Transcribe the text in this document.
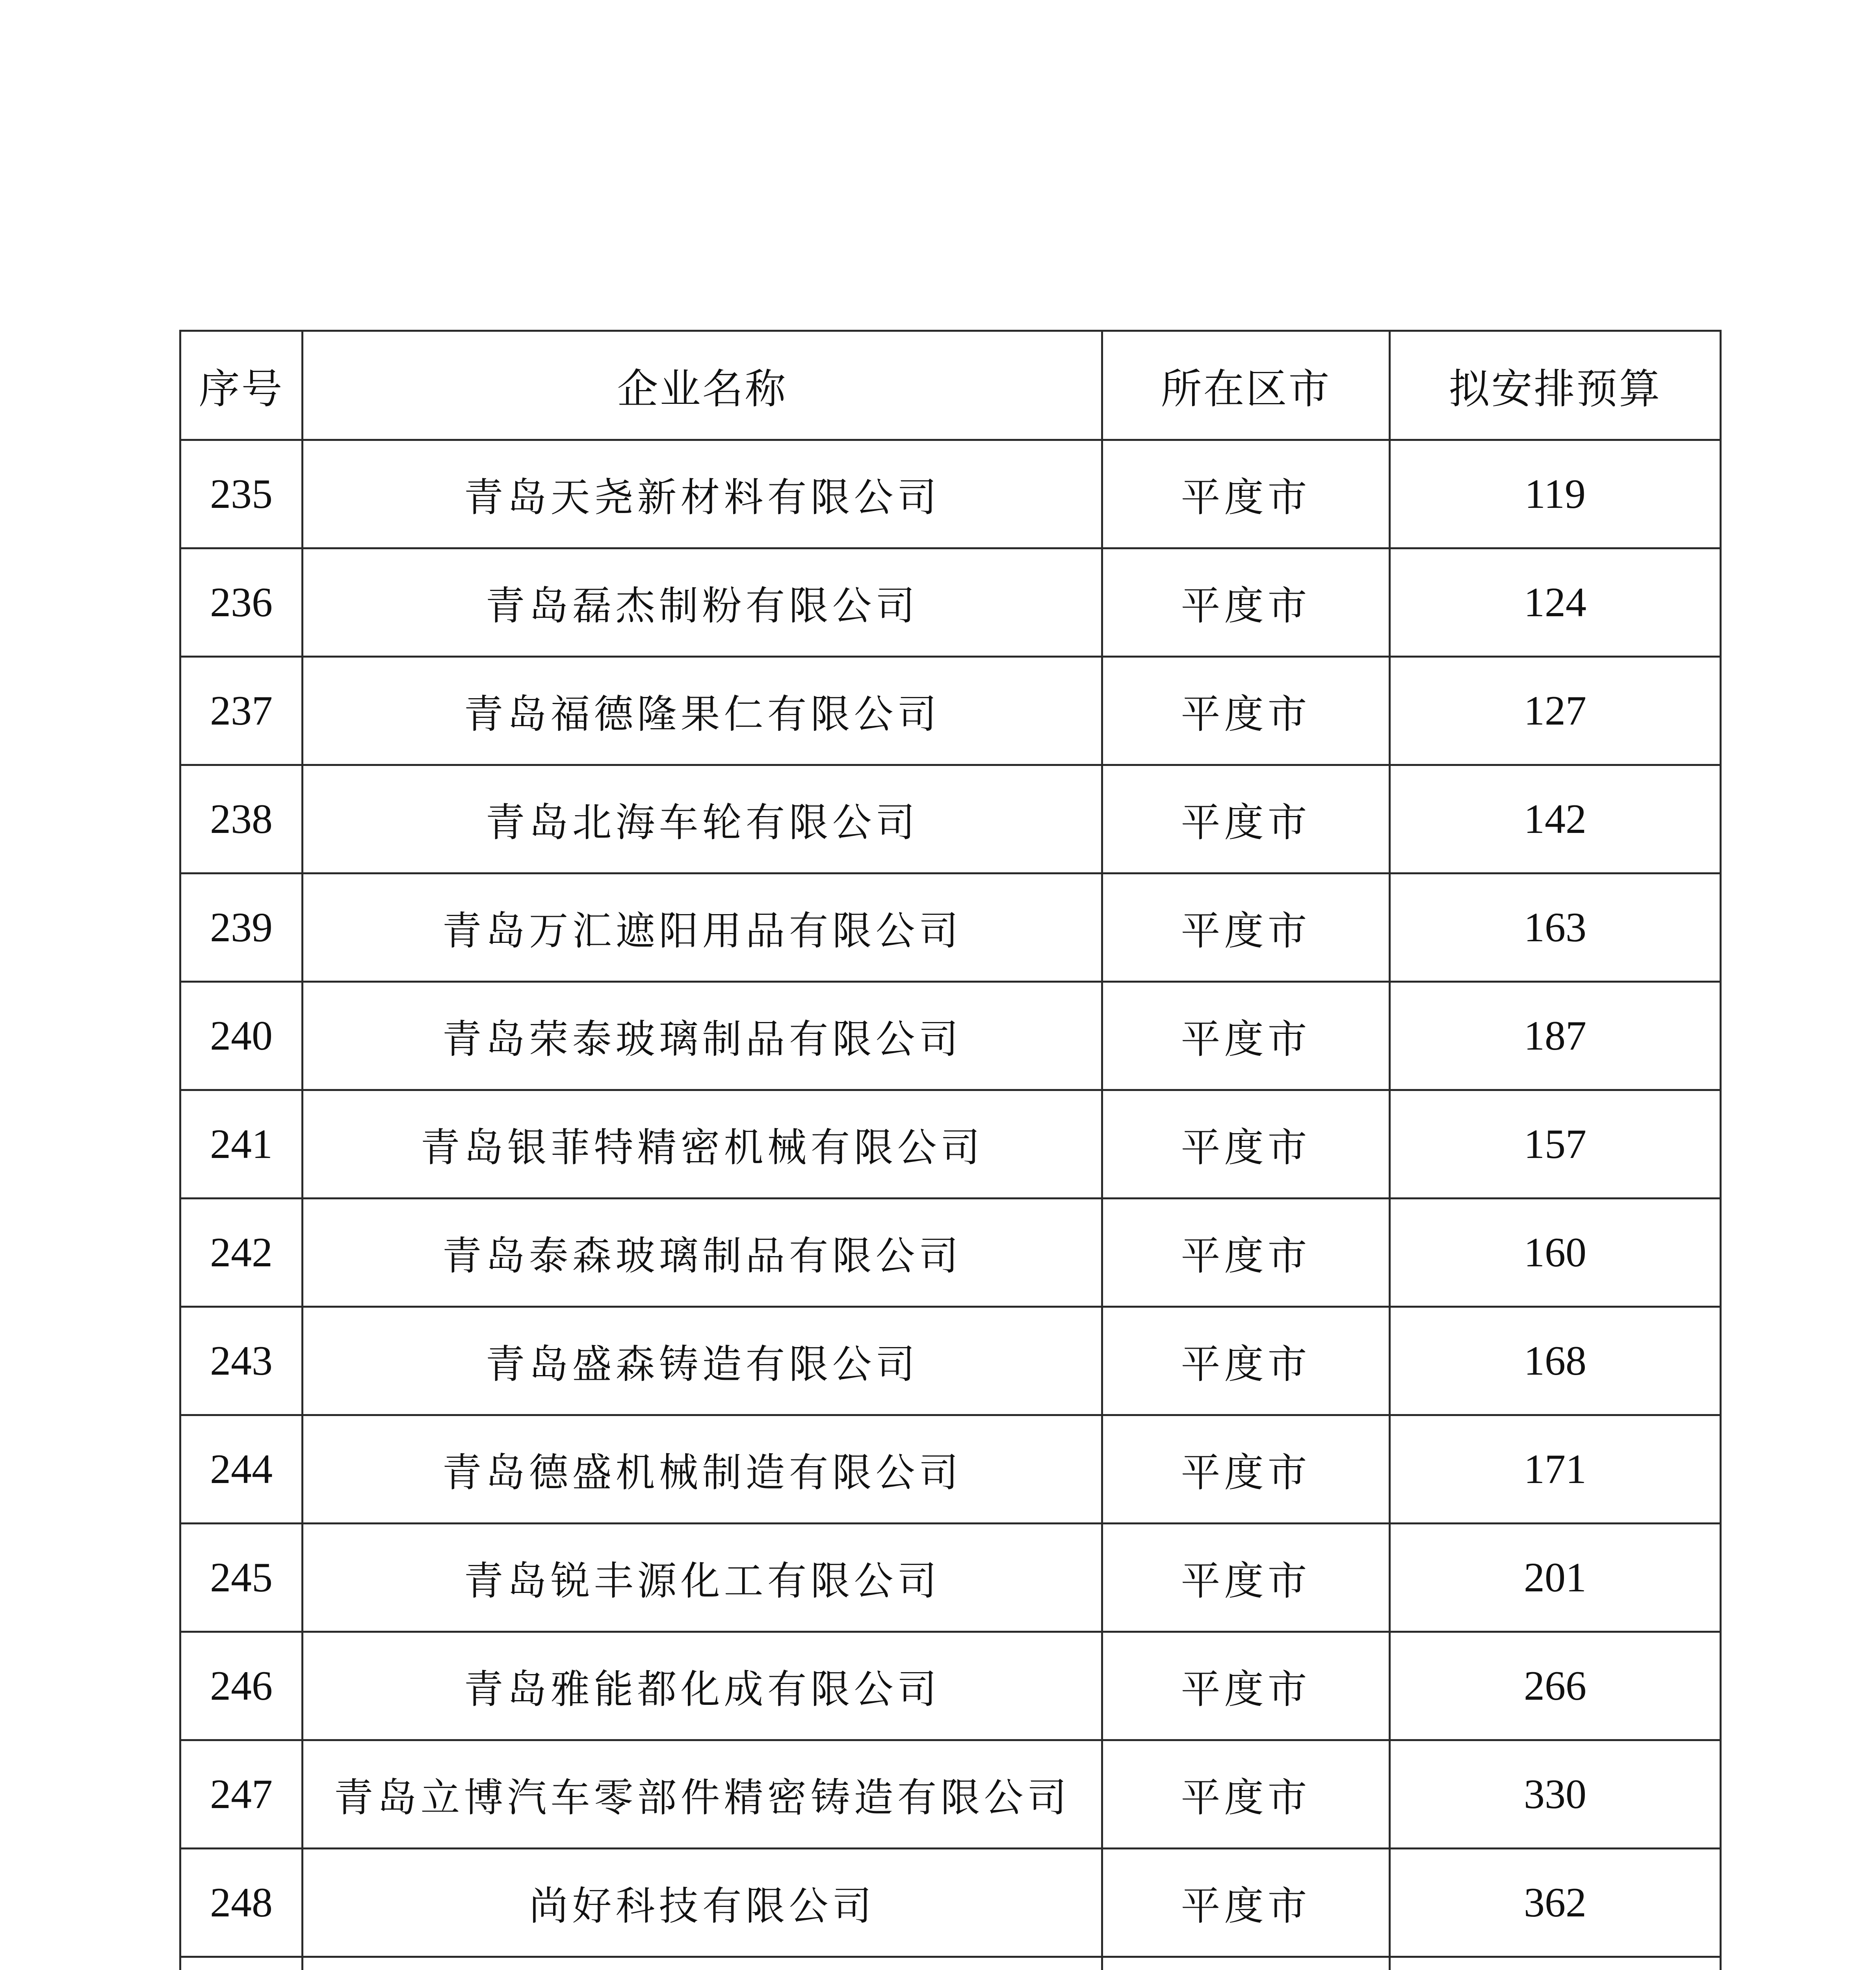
序号	企业名称	所在区市	拟安排预算
235	青岛天尧新材料有限公司	平度市	119
236	青岛磊杰制粉有限公司	平度市	124
237	青岛福德隆果仁有限公司	平度市	127
238	青岛北海车轮有限公司	平度市	142
239	青岛万汇遮阳用品有限公司	平度市	163
240	青岛荣泰玻璃制品有限公司	平度市	187
241	青岛银菲特精密机械有限公司	平度市	157
242	青岛泰森玻璃制品有限公司	平度市	160
243	青岛盛森铸造有限公司	平度市	168
244	青岛德盛机械制造有限公司	平度市	171
245	青岛锐丰源化工有限公司	平度市	201
246	青岛雅能都化成有限公司	平度市	266
247	青岛立博汽车零部件精密铸造有限公司	平度市	330
248	尚好科技有限公司	平度市	362
